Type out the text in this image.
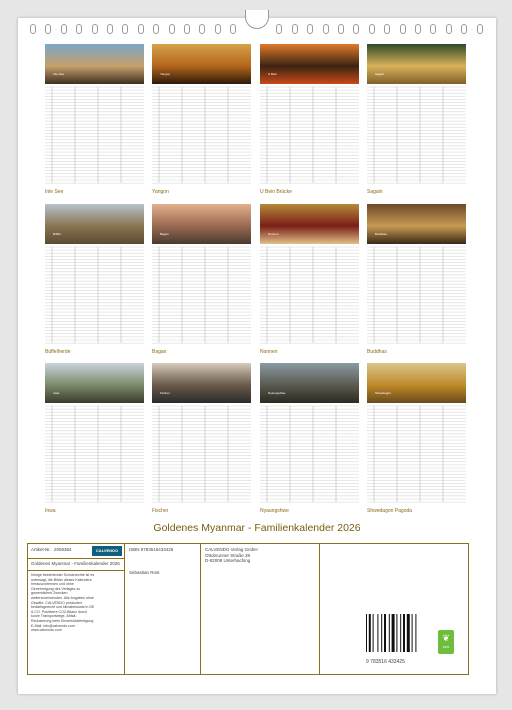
Inle-See
Inle See
Yangon
Yangon
U Bein
U Bein Brücke
Sagain
Sagain
Büffel
Büffelherde
Bagan
Bagan
Nonnen
Nonnen
Buddhas
Buddhas
Inwa
Inwa
Fischer
Fischer
Nyaungshwe
Nyaungshwe
Shwedagon
Shwedagon Pagoda
Goldenes Myanmar - Familienkalender 2026
Artikel-Nr. 2059384	CALVENDO
Goldenes Myanmar - Familienkalender 2026
Infolge bestehender Schutzrechte ist es untersagt, die Bilder dieses Kalenders herauszutrennen und ohne Genehmigung des Verlages zu gewerblichen Zwecken weiterzuverwenden. Alle Angaben ohne Gewähr. CALVENDO produziert bedarfsgerecht und klimabewusst in DE & CO. Positivere CO2-Bilanz durch kurze Transportwege, Abfall-Reduzierung beim Einzelstückfertigung E-Mail: info@calvendo.com · www.calvendo.com
ISBN 9783516433425
Sebastian Rost
CALVENDO Verlag GmbH
Ottobrunner Straße 39
D-82008 Unterhaching
9 783516 433425
❦
eco
